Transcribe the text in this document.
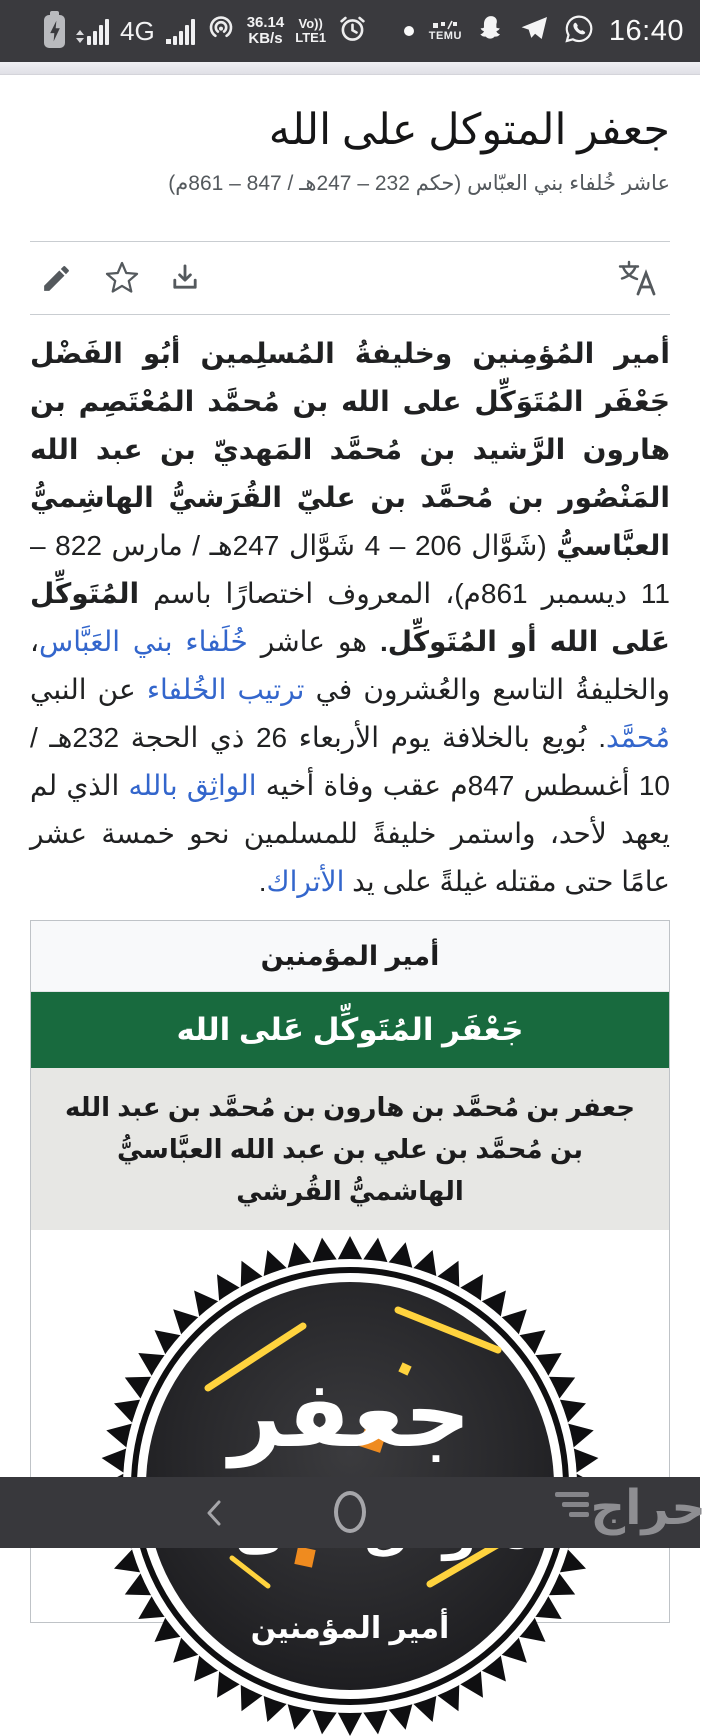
4G	36.14
KB/s
Vo))
LTE1	TEMU	16:40
جعفر المتوكل على الله
عاشر خُلفاء بني العبّاس (حكم 232 – 247هـ / 847 – 861م)

أمير المُؤمِنين وخليفةُ المُسلِمين أبُو الفَضْل جَعْفَر المُتَوَكِّل على الله بن مُحمَّد المُعْتَصِم بن هارون الرَّشيد بن مُحمَّد المَهديّ بن عبد الله المَنْصُور بن مُحمَّد بن عليّ القُرَشيُّ الهاشِميُّ العبَّاسيُّ (شَوَّال 206 – 4 شَوَّال 247هـ / مارس 822 – 11 ديسمبر 861م)، المعروف اختصارًا باسم المُتَوكِّل عَلى الله أو المُتَوكِّل. هو عاشر خُلَفاء بني العَبَّاس، والخليفةُ التاسع والعُشرون في ترتيب الخُلفاء عن النبي مُحمَّد. بُويع بالخلافة يوم الأربعاء 26 ذي الحجة 232هـ / 10 أغسطس 847م عقب وفاة أخيه الواثِق بالله الذي لم يعهد لأحد، واستمر خليفةً للمسلمين نحو خمسة عشر عامًا حتى مقتله غيلةً على يد الأتراك.

أمير المؤمنين
جَعْفَر المُتَوكِّل عَلى الله
جعفر بن مُحمَّد بن هارون بن مُحمَّد بن عبد الله بن مُحمَّد بن علي بن عبد الله العبَّاسيُّ الهاشميُّ القُرشي
جعفر
أمير المؤمنين
حراج
